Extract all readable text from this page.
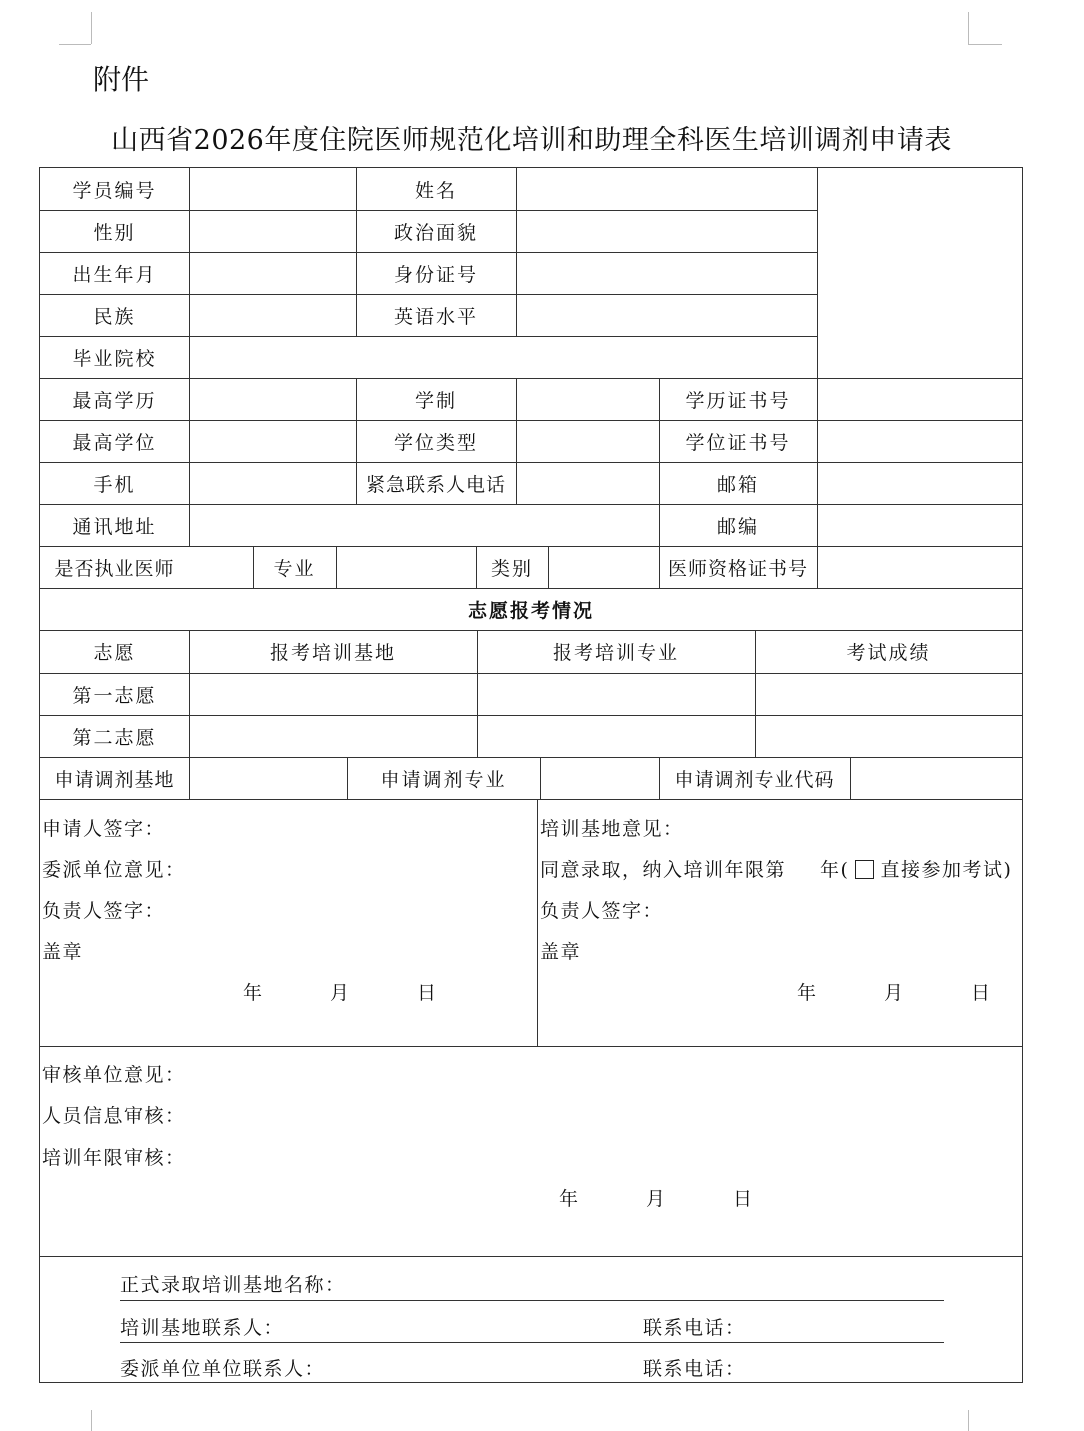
附件
山西省2026年度住院医师规范化培训和助理全科医生培训调剂申请表
学员编号	姓名
性别	政治面貌
出生年月	身份证号
民族	英语水平
毕业院校
最高学历	学制	学历证书号
最高学位	学位类型	学位证书号
手机	紧急联系人电话	邮箱
通讯地址	邮编
是否执业医师	专业	类别	医师资格证书号
志愿报考情况
志愿	报考培训基地	报考培训专业	考试成绩
第一志愿
第二志愿
申请调剂基地	申请调剂专业	申请调剂专业代码
申请人签字：
委派单位意见：
负责人签字：
盖章
年	月	日
培训基地意见：
同意录取，纳入培训年限第 年( 直接参加考试)
负责人签字：
盖章
年	月	日
审核单位意见：
人员信息审核：
培训年限审核：
年	月	日
正式录取培训基地名称：
培训基地联系人：	联系电话：
委派单位单位联系人：	联系电话：
